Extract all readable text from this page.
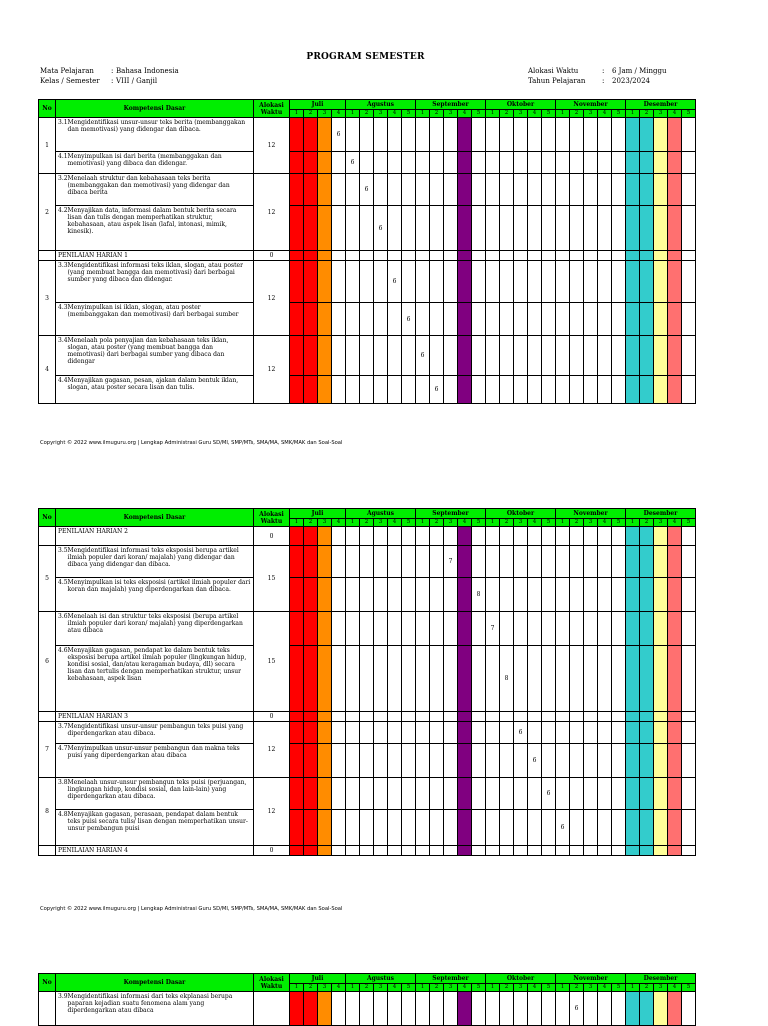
PROGRAM SEMESTER
Mata Pelajaran	: Bahasa Indonesia
Kelas / Semester	: VIII / Ganjil
Alokasi Waktu	:	6 Jam / Minggu
Tahun Pelajaran	:	2023/2024
No	Kompetensi Dasar	Alokasi Waktu	Juli				Agustus					September					Oktober					November					Desember				
			1	2	3	4	1	2	3	4	5	1	2	3	4	5	1	2	3	4	5	1	2	3	4	5	1	2	3	4	5
1	3.1 Mengidentifikasi unsur-unsur teks berita (membanggakan dan memotivasi) yang didengar dan dibaca.	12				6																									

	4.1 Menyimpulkan isi dari berita (membanggakan dan memotivasi) yang dibaca dan didengar.						6																								
2	3.2 Menelaah struktur dan kebahasaan teks berita (membanggakan dan memotivasi) yang didengar dan dibaca berita	12						6																							

	4.2 Menyajikan data, informasi dalam bentuk berita secara lisan dan tulis dengan memperhatikan struktur, kebahasaan, atau aspek lisan (lafal, intonasi, mimik, kinesik).								6																						
	PENILAIAN HARIAN 1	0																													
3	3.3 Mengidentifikasi informasi teks iklan, slogan, atau poster (yang membuat bangga dan memotivasi) dari berbagai sumber yang dibaca dan didengar.	12								6																					

	4.3 Menyimpulkan isi iklan, slogan, atau poster (membanggakan dan memotivasi) dari berbagai sumber										6																				
4	3.4 Menelaah pola penyajian dan kebahasaan teks iklan, slogan, atau poster (yang membuat bangga dan memotivasi) dari berbagai sumber yang dibaca dan didengar	12										6																			

	4.4 Menyajikan gagasan, pesan, ajakan dalam bentuk iklan, slogan, atau poster secara lisan dan tulis.												6																		
Copyright © 2022 www.ilmuguru.org | Lengkap Administrasi Guru SD/MI, SMP/MTs, SMA/MA, SMK/MAK dan Soal-Soal
No	Kompetensi Dasar	Alokasi Waktu	Juli				Agustus					September					Oktober					November					Desember				
			1	2	3	4	1	2	3	4	5	1	2	3	4	5	1	2	3	4	5	1	2	3	4	5	1	2	3	4	5
	PENILAIAN HARIAN 2	0																													
5	3.5 Mengidentifikasi informasi teks eksposisi berupa artikel ilmiah populer dari koran/ majalah) yang didengar dan dibaca yang didengar dan dibaca.	15												7																	

	4.5 Menyimpulkan isi teks eksposisi (artikel ilmiah populer dari koran dan majalah) yang diperdengarkan dan dibaca.															8															
6	3.6 Menelaah isi dan struktur teks eksposisi (berupa artikel ilmiah populer dari koran/ majalah) yang diperdengarkan atau dibaca	15															7														

	4.6 Menyajikan gagasan, pendapat ke dalam bentuk teks eksposisi berupa artikel ilmiah populer (lingkungan hidup, kondisi sosial, dan/atau keragaman budaya, dll) secara lisan dan tertulis dengan memperhatikan struktur, unsur kebahasaan, aspek lisan																	8													
	PENILAIAN HARIAN 3	0																													
7	3.7 Mengidentifikasi unsur-unsur pembangun teks puisi yang diperdengarkan atau dibaca.	12																	6												

	4.7 Menyimpulkan unsur-unsur pembangun dan makna teks puisi yang diperdengarkan atau dibaca																			6											
8	3.8 Menelaah unsur-unsur pembangun teks puisi (perjuangan, lingkungan hidup, kondisi sosial, dan lain-lain) yang diperdengarkan atau dibaca.	12																			6										

	4.8 Menyajikan gagasan, perasaan, pendapat dalam bentuk teks puisi secara tulis/ lisan dengan memperhatikan unsur-unsur pembangun puisi																					6									
	PENILAIAN HARIAN 4	0																													
Copyright © 2022 www.ilmuguru.org | Lengkap Administrasi Guru SD/MI, SMP/MTs, SMA/MA, SMK/MAK dan Soal-Soal
No	Kompetensi Dasar	Alokasi Waktu	Juli				Agustus					September					Oktober					November					Desember				
			1	2	3	4	1	2	3	4	5	1	2	3	4	5	1	2	3	4	5	1	2	3	4	5	1	2	3	4	5

	3.9 Mengidentifikasi informasi dari teks ekplanasi berupa paparan kejadian suatu fenomena alam yang diperdengarkan atau dibaca																						6								
